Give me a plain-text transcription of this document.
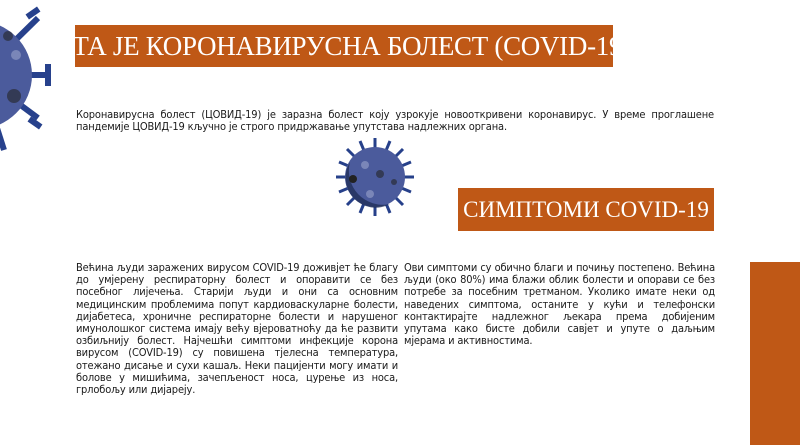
ШТА ЈЕ КОРОНАВИРУСНА БОЛЕСТ (COVID-19)?
Коронавирусна болест (ЦОВИД-19) је заразна болест коју узрокује новооткривени коронавирус. У време проглашене пандемије ЦОВИД-19 кључно је строго придржавање упутстава надлежних органа.
СИМПТОМИ COVID-19
Већина људи заражених вирусом COVID-19 доживјет ће благу до умјерену респираторну болест и опоравити се без посебног лијечења. Старији људи и они са основним медицинским проблемима попут кардиоваскуларне болести, дијабетеса, хроничне респираторне болести и нарушеног имунолошког система имају већу вјероватноћу да ће развити озбиљнију болест. Најчешћи симптоми инфекције корона вирусом (COVID-19) су повишена тјелесна температура, отежано дисање и сухи кашаљ. Неки пацијенти могу имати и болове у мишићима, зачепљеност носа, цурење из носа, грлобољу или дијарeју.
Ови симптоми су обично благи и почињу постепено. Већина људи (око 80%) има блажи облик болести и опорави се без потребе за посебним третманом. Уколико имате неки од наведених симптома, останите у кући и телефонски контактирајте надлежног љекара према добијеним упутама како бисте добили савјет и упуте о даљњим мјерама и активностима.
